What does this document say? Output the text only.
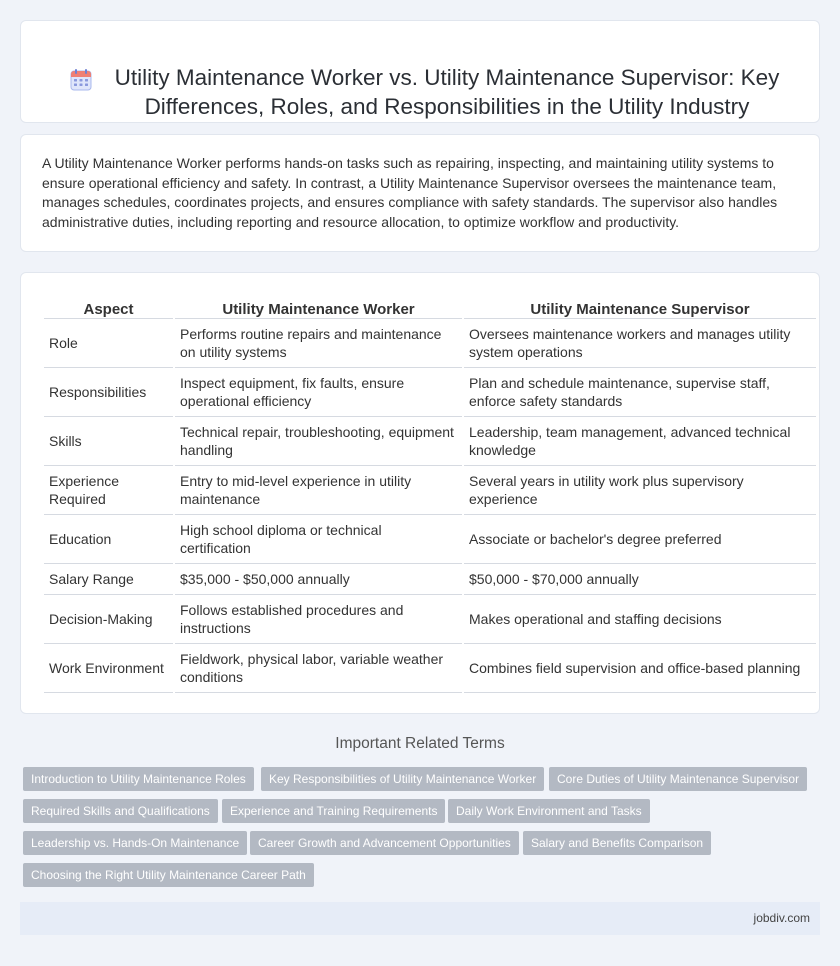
Utility Maintenance Worker vs. Utility Maintenance Supervisor: Key Differences, Roles, and Responsibilities in the Utility Industry

A Utility Maintenance Worker performs hands-on tasks such as repairing, inspecting, and maintaining utility systems to ensure operational efficiency and safety. In contrast, a Utility Maintenance Supervisor oversees the maintenance team, manages schedules, coordinates projects, and ensures compliance with safety standards. The supervisor also handles administrative duties, including reporting and resource allocation, to optimize workflow and productivity.

Aspect	Utility Maintenance Worker	Utility Maintenance Supervisor
Role	Performs routine repairs and maintenance on utility systems	Oversees maintenance workers and manages utility system operations
Responsibilities	Inspect equipment, fix faults, ensure operational efficiency	Plan and schedule maintenance, supervise staff, enforce safety standards
Skills	Technical repair, troubleshooting, equipment handling	Leadership, team management, advanced technical knowledge
Experience Required	Entry to mid-level experience in utility maintenance	Several years in utility work plus supervisory experience
Education	High school diploma or technical certification	Associate or bachelor's degree preferred
Salary Range	$35,000 - $50,000 annually	$50,000 - $70,000 annually
Decision-Making	Follows established procedures and instructions	Makes operational and staffing decisions
Work Environment	Fieldwork, physical labor, variable weather conditions	Combines field supervision and office-based planning
Important Related Terms
Introduction to Utility Maintenance Roles	Key Responsibilities of Utility Maintenance Worker	Core Duties of Utility Maintenance Supervisor
Required Skills and Qualifications	Experience and Training Requirements	Daily Work Environment and Tasks
Leadership vs. Hands-On Maintenance	Career Growth and Advancement Opportunities	Salary and Benefits Comparison
Choosing the Right Utility Maintenance Career Path
jobdiv.com
